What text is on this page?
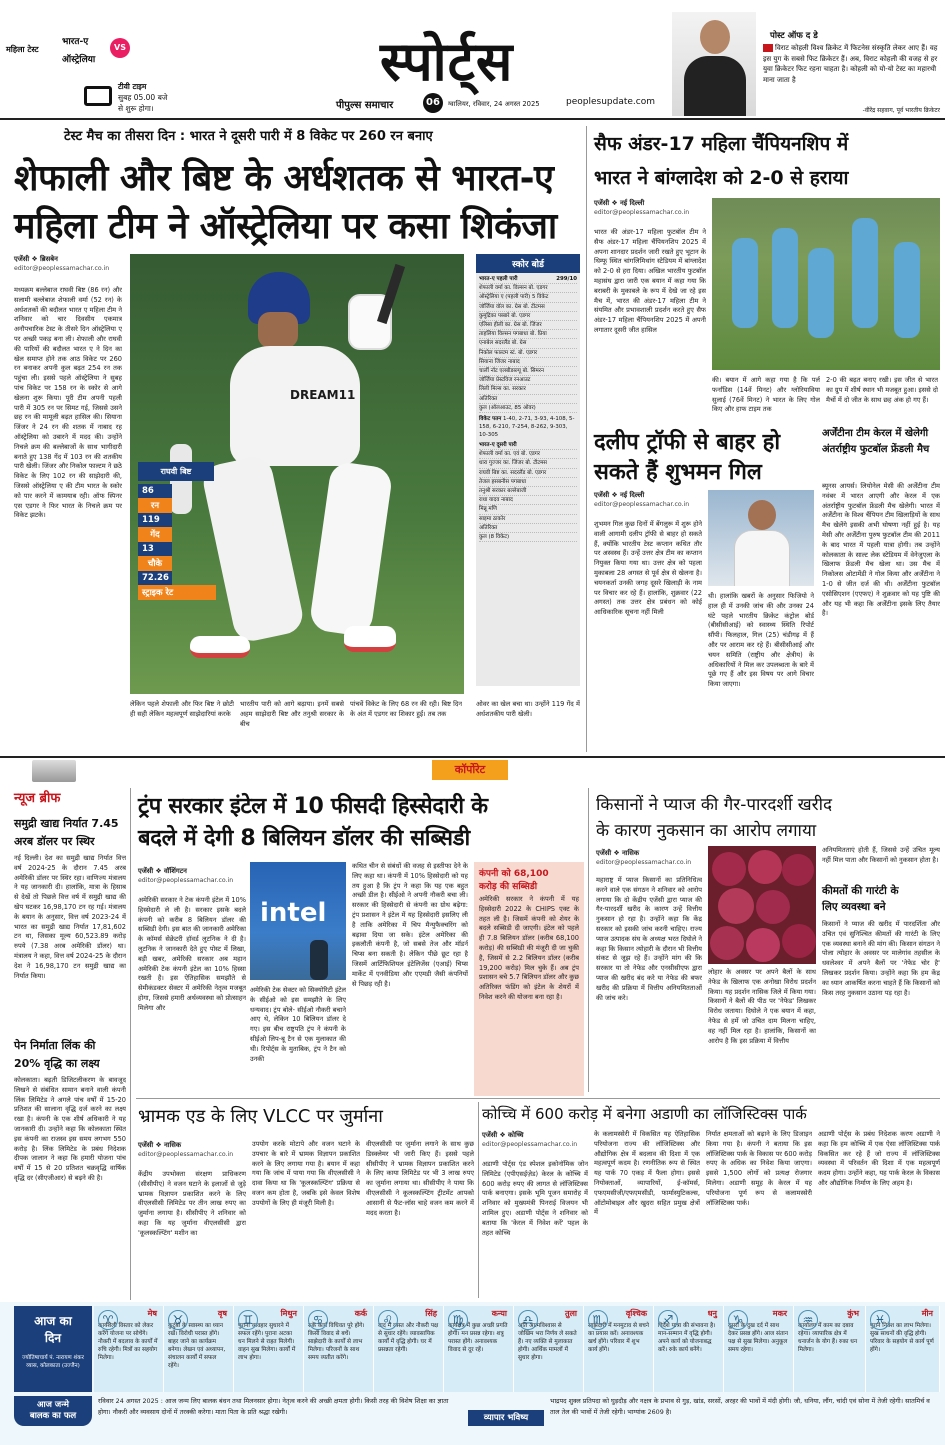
महिला टेस्ट
भारत-ए
VS
ऑस्ट्रेलिया
टीवी टाइम
सुबह 05.00 बजे
से शुरू होगा।
स्पोर्ट्स
पीपुल्स समाचार	06	ग्वालियर, रविवार, 24 अगस्त 2025	peoplesupdate.com
पोस्ट ऑफ द डे
विराट कोहली विश्व क्रिकेट में फिटनेस संस्कृति लेकर आए हैं। वह इस युग के सबसे फिट क्रिकेटर हैं। अब, विराट कोहली की वजह से हर युवा क्रिकेटर फिट रहना चाहता है। कोहली को यो-यो टेस्ट का महारथी माना जाता है
-वीरेंद्र सहवाग, पूर्व भारतीय क्रिकेटर
टेस्ट मैच का तीसरा दिन : भारत ने दूसरी पारी में 8 विकेट पर 260 रन बनाए
शेफाली और बिष्ट के अर्धशतक से भारत-ए
महिला टीम ने ऑस्ट्रेलिया पर कसा शिकंजा
एजेंसी ❖ ब्रिसबेन
editor@peoplessamachar.co.in
मध्यक्रम बल्लेबाज राघवी बिष्ट (86 रन) और सलामी बल्लेबाज शेफाली वर्मा (52 रन) के अर्धशतकों की बदौलत भारत ए महिला टीम ने शनिवार को चार दिवसीय एकमात्र अनौपचारिक टेस्ट के तीसरे दिन ऑस्ट्रेलिया ए पर अच्छी पकड़ बना ली। शेफाली और राघवी की पारियों की बदौलत भारत ए ने दिन का खेल समाप्त होने तक आठ विकेट पर 260 रन बनाकर अपनी कुल बढ़त 254 रन तक पहुंचा ली। इससे पहले ऑस्ट्रेलिया ने सुबह पांच विकेट पर 158 रन के स्कोर से आगे खेलना शुरू किया। पूरी टीम अपनी पहली पारी में 305 रन पर सिमट गई, जिससे उसने छह रन की मामूली बढ़त हासिल की। सियाना जिंजर ने 24 रन की शतक में नाबाद रह ऑस्ट्रेलिया को उबारने में मदद की। उन्होंने निचले क्रम की बल्लेबाजों के साथ भागीदारी बनाते हुए 138 गेंद में 103 रन की शतकीय पारी खेली। जिंजर और निकोल फाल्टम ने छठे विकेट के लिए 102 रन की साझेदारी की, जिससे ऑस्ट्रेलिया ए की टीम भारत के स्कोर को पार करने में कामयाब रही। ऑफ स्पिनर एस एडगर ने फिर भारत के निचले क्रम पर विकेट झटके।
DREAM11
राघवी बिष्ट
86
रन
119
गेंद
13
चौके
72.26
स्ट्राइक रेट
लेकिन पहले शेफाली और फिर बिष्ट ने छोटी ही सही लेकिन महत्वपूर्ण साझेदारियां करके
भारतीय पारी को आगे बढ़ाया। इनमें सबसे अहम साझेदारी बिष्ट और तनुश्री सरकार के बीच
पांचवें विकेट के लिए 68 रन की रही। बिष्ट दिन के अंत में एडगर का शिकार हुईं। तब तक
स्कोर बोर्ड
भारत-ए पहली पारी	299/10
शेफाली वर्मा का. विल्सन बो. एडगर
ऑस्ट्रेलिया ए (पहली पारी) 5 विकेट
जॉर्जिया वॉल का. ग्रेस बो. टीटमस
कुमुद्रिका पब्बारे बो. एडगर
एलिसा हीली का. ग्रेस बो. जिंजर
ताहलिया विल्सन पगबाधा बो. प्रिया
एनाबेल सदरलैंड बो. ग्रेस
निकोल फाल्टम स्टं. बो. एडगर
सियाना जिंजर नाबाद
चार्ली नॉट एलबीडब्ल्यू बो. सिमरन
जॉर्जिया प्रेस्टविज रनआउट
लिली मिल्स का. सरकार
अतिरिक्त
कुल (ऑलआउट, 85 ओवर)
विकेट पतन 1-40, 2-71, 3-93, 4-108, 5-158, 6-210, 7-254, 8-262, 9-303, 10-305
भारत-ए दूसरी पारी
शेफाली वर्मा का. एवं बो. एडगर
धारा गुज्जर का. जिंजर बो. टीटमस
राघवी बिष्ट का. सदरलैंड बो. एडगर
तेजल हसबनीस पगबाधा
तनुश्री सरकार बल्लेबाजी
राधा यादव नाबाद
मिन्नू मणि
साइमा ठाकोर
अतिरिक्त
कुल (8 विकेट)
ओवर का खेल बचा था। उन्होंने 119 गेंद में अर्धशतकीय पारी खेली।
सैफ अंडर-17 महिला चैंपियनशिप में
भारत ने बांग्लादेश को 2-0 से हराया
एजेंसी ❖ नई दिल्ली
editor@peoplessamachar.co.in
भारत की अंडर-17 महिला फुटबॉल टीम ने सैफ अंडर-17 महिला चैंपियनशिप 2025 में अपना शानदार प्रदर्शन जारी रखते हुए भूटान के थिम्फू स्थित चांगलिमिथांग स्टेडियम में बांग्लादेश को 2-0 से हरा दिया। अखिल भारतीय फुटबॉल महासंघ द्वारा जारी एक बयान में कहा गया कि बराबरी के मुकाबले के रूप में देखे जा रहे इस मैच में, भारत की अंडर-17 महिला टीम ने संयमित और प्रभावशाली प्रदर्शन करते हुए सैफ अंडर-17 महिला चैंपियनशिप 2025 में अपनी लगातार दूसरी जीत हासिल
की। बयान में आगे कहा गया है कि पर्ल फर्नांडिस (14वें मिनट) और ग्लोरियाविया सुलाई (76वें मिनट) ने भारत के लिए गोल किए और हाफ टाइम तक
2-0 की बढ़त बनाए रखी। इस जीत से भारत का ग्रुप में शीर्ष स्थान भी मजबूत हुआ। इससे दो मैचों में दो जीत के साथ छह अंक हो गए हैं।
दलीप ट्रॉफी से बाहर हो
सकते हैं शुभमन गिल
एजेंसी ❖ नई दिल्ली
editor@peoplessamachar.co.in
शुभमन गिल कुछ दिनों में बेंगलुरू में शुरू होने वाली आगामी दलीप ट्रॉफी से बाहर हो सकते हैं, क्योंकि भारतीय टेस्ट कप्तान कथित तौर पर अस्वस्थ हैं। उन्हें उत्तर क्षेत्र टीम का कप्तान नियुक्त किया गया था। उत्तर क्षेत्र को पहला मुकाबला 28 अगस्त से पूर्व क्षेत्र से खेलना है। चयनकर्ता उनकी जगह दूसरे खिलाड़ी के नाम पर विचार कर रहे हैं। हालांकि, शुक्रवार (22 अगस्त) तक उत्तर क्षेत्र प्रबंधन को कोई आधिकारिक सूचना नहीं मिली
थी। हालांकि खबरों के अनुसार फिजियो ने हाल ही में उनकी जांच की और उनका 24 घंटे पहले भारतीय क्रिकेट कंट्रोल बोर्ड (बीसीसीआई) को स्वास्थ्य स्थिति रिपोर्ट सौंपी। फिलहाल, गिल (25) चंडीगढ़ में हैं और पर आराम कर रहे हैं। बीसीसीआई और चयन समिति (राष्ट्रीय और क्षेत्रीय) के अधिकारियों ने मिल कर उपलब्धता के बारे में पूछे गए हैं और इस विषय पर आगे विचार किया जाएगा।
अर्जेंटीना टीम केरल में खेलेगी अंतर्राष्ट्रीय फुटबॉल फ्रेंडली मैच
ब्यूनस आयर्स। लियोनेल मेसी की अर्जेंटीना टीम नवंबर में भारत आएगी और केरल में एक अंतर्राष्ट्रीय फुटबॉल फ्रेंडली मैच खेलेगी। भारत में अर्जेंटीना के विश्व चैंपियन टीम खिलाड़ियों के साथ मैच खेलेंगे इसकी अभी घोषणा नहीं हुई है। यह मेसी और अर्जेंटीना पुरुष फुटबॉल टीम की 2011 के बाद भारत में पहली यात्रा होगी। तब उन्होंने कोलकाता के साल्ट लेक स्टेडियम में वेनेजुएला के खिलाफ फ्रेंडली मैच खेला था। उस मैच में निकोलस ओटामेंडी ने गोल किया और अर्जेंटीना ने 1-0 से जीत दर्ज की थी। अर्जेंटीना फुटबॉल एसोसिएशन (एएफए) ने शुक्रवार को यह पुष्टि की और यह भी कहा कि अर्जेंटीना इसके लिए तैयार है।
कॉर्पोरेट
न्यूज ब्रीफ
समुद्री खाद्य निर्यात 7.45
अरब डॉलर पर स्थिर
नई दिल्ली। देश का समुद्री खाद्य निर्यात वित्त वर्ष 2024-25 के दौरान 7.45 अरब अमेरिकी डॉलर पर स्थिर रहा। वाणिज्य मंत्रालय ने यह जानकारी दी। हालांकि, मात्रा के हिसाब से देखें तो पिछले वित्त वर्ष में समुद्री खाद्य की खेप घटकर 16,98,170 टन रह गई। मंत्रालय के बयान के अनुसार, वित्त वर्ष 2023-24 में भारत का समुद्री खाद्य निर्यात 17,81,602 टन था, जिसका मूल्य 60,523.89 करोड़ रुपये (7.38 अरब अमेरिकी डॉलर) था। मंत्रालय ने कहा, वित्त वर्ष 2024-25 के दौरान देश ने 16,98,170 टन समुद्री खाद्य का निर्यात किया।
पेन निर्माता लिंक की
20% वृद्धि का लक्ष्य
कोलकाता। बढ़ती डिजिटलीकरण के बावजूद लिखने से संबंधित सामान बनाने वाली कंपनी लिंक लिमिटेड ने अगले पांच वर्षों में 15-20 प्रतिशत की सालाना वृद्धि दर्ज करने का लक्ष्य रखा है। कंपनी के एक शीर्ष अधिकारी ने यह जानकारी दी। उन्होंने कहा कि कोलकाता स्थित इस कंपनी का राजस्व इस समय लगभग 550 करोड़ है। लिंक लिमिटेड के प्रबंध निदेशक दीपक जालान ने कहा कि हमारी योजना पांच वर्षों में 15 से 20 प्रतिशत चक्रवृद्धि वार्षिक वृद्धि दर (सीएजीआर) से बढ़ने की है।
ट्रंप सरकार इंटेल में 10 फीसदी हिस्सेदारी के
बदले में देगी 8 बिलियन डॉलर की सब्सिडी
एजेंसी ❖ वॉशिंगटन
editor@peoplessamachar.co.in
अमेरिकी सरकार ने टेक कंपनी इंटेल में 10% हिस्सेदारी ले ली है। सरकार इसके बदले कंपनी को करीब 8 बिलियन डॉलर की सब्सिडी देगी। इस बात की जानकारी अमेरिका के कॉमर्स सेक्रेटरी हॉवर्ड लुटनिक ने दी है। लुटनिक ने जानकारी देते हुए पोस्ट में लिखा, बड़ी खबर, अमेरिकी सरकार अब महान अमेरिकी टेक कंपनी इंटेल का 10% हिस्सा रखती है। इस ऐतिहासिक समझौते से सेमीकंडक्टर सेक्टर में अमेरिकी नेतृत्व मजबूत होगा, जिससे हमारी अर्थव्यवस्था को प्रोत्साहन मिलेगा और
intel
अमेरिकी टेक सेक्टर को सिक्योरिटी इंटेल के सीईओ को इस समझौते के लिए धन्यवाद। ट्रंप बोले- सीईओ नौकरी बचाने आए थे, लेकिन 10 बिलियन डॉलर दे गए। इस बीच राष्ट्रपति ट्रंप ने कंपनी के सीईओ लिप-बू टैन से एक मुलाकात की थी। रिपोर्ट्स के मुताबिक, ट्रंप ने टैन को उनकी
कथित चीन से संबंधों की वजह से इस्तीफा देने के लिए कहा था। कंपनी में 10% हिस्सेदारी को यह तय हुआ है कि ट्रंप ने कहा कि यह एक बहुत अच्छी डील है। सीईओ ने अपनी नौकरी बचा ली। सरकार की हिस्सेदारी से कंपनी का ग्रोथ बढ़ेगा: ट्रंप प्रशासन ने इंटेल में यह हिस्सेदारी इसलिए ली है ताकि अमेरिका में चिप मैन्युफैक्चरिंग को बढ़ावा दिया जा सके। इंटेल अमेरिका की इकलौती कंपनी है, जो सबसे तेज और मॉडर्न चिप्स बना सकती है। लेकिन पीछे छूट रहा है जिसमें आर्टिफिशियल इंटेलिजेंस (एआई) चिप्स मार्केट में एनवीडिया और एएमडी जैसी कंपनियों से पिछड़ रही है।
कंपनी को 68,100
करोड़ की सब्सिडी
अमेरिकी सरकार ने कंपनी में यह हिस्सेदारी 2022 के CHIPS एक्ट के तहत ली है। जिसमें कंपनी को शेयर के बदले सब्सिडी दी जाएगी। इंटेल को पहले ही 7.8 बिलियन डॉलर (करीब 68,100 करोड़) की सब्सिडी की मंजूरी दी जा चुकी है, जिसमें से 2.2 बिलियन डॉलर (करीब 19,200 करोड़) मिल चुके हैं। अब ट्रंप प्रशासन बचे 5.7 बिलियन डॉलर और कुछ अतिरिक्त फंडिंग को इंटेल के शेयरों में निवेश करने की योजना बना रहा है।
किसानों ने प्याज की गैर-पारदर्शी खरीद
के कारण नुकसान का आरोप लगाया
एजेंसी ❖ नासिक
editor@peoplessamachar.co.in
महाराष्ट्र में प्याज किसानों का प्रतिनिधित्व करने वाले एक संगठन ने शनिवार को आरोप लगाया कि दो केंद्रीय एजेंसी द्वारा प्याज की गैर-पारदर्शी खरीद के कारण उन्हें वित्तीय नुकसान हो रहा है। उन्होंने कहा कि केंद्र सरकार को इसकी जांच करनी चाहिए। राज्य प्याज उत्पादक संघ के अध्यक्ष भरत दिघोले ने कहा कि किसान त्योहारी के दौरान भी वित्तीय संकट से जूझ रहे हैं। उन्होंने मांग की कि सरकार या तो नेफेड और एनसीसीएफ द्वारा प्याज की खरीद बंद करे या नेफेड की बफर खरीद की प्रक्रिया में वित्तीय अनियमितताओं की जांच करे।
लोहार के अवसर पर अपने बैलों के साथ नेफेड के खिलाफ एक अनोखा विरोध प्रदर्शन किया। यह प्रदर्शन नासिक जिले में किया गया। किसानों ने बैलों की पीठ पर 'नेफेड' लिखकर विरोध जताया। दिघोले ने एक बयान में कहा, नेफेड से हमें जो उचित दाम मिलना चाहिए, वह नहीं मिल रहा है। हालांकि, किसानों का आरोप है कि इस प्रक्रिया में वित्तीय
अनियमितताएं होती हैं, जिससे उन्हें उचित मूल्य नहीं मिल पाता और किसानों को नुकसान होता है।
कीमतों की गारंटी के
लिए व्यवस्था बने
किसानों ने प्याज की खरीद में पारदर्शिता और उचित एवं सुनिश्चित कीमतों की गारंटी के लिए एक व्यवस्था बनाने की मांग की। किसान संगठन ने पोला त्योहार के अवसर पर मालेगांव तहसील के धवलेश्वर में अपने बैलों पर 'नेफेड चोर है' लिखकर प्रदर्शन किया। उन्होंने कहा कि हम केंद्र का ध्यान आकर्षित करना चाहते हैं कि किसानों को किस तरह नुकसान उठाना पड़ रहा है।
भ्रामक एड के लिए VLCC पर जुर्माना
एजेंसी ❖ नासिक
editor@peoplessamachar.co.in
केंद्रीय उपभोक्ता संरक्षण प्राधिकरण (सीसीपीए) ने वजन घटाने के इलाजों से जुड़े भ्रामक विज्ञापन प्रकाशित करने के लिए वीएलसीसी लिमिटेड पर तीन लाख रुपए का जुर्माना लगाया है। सीसीपीए ने शनिवार को कहा कि यह जुर्माना वीएलसीसी द्वारा 'कूलस्कल्प्टिंग' मशीन का
उपयोग करके मोटापे और वजन घटाने के उपचार के बारे में भ्रामक विज्ञापन प्रकाशित करने के लिए लगाया गया है। बयान में कहा गया कि जांच में पाया गया कि वीएलसीसी ने दावा किया था कि 'कूलस्कल्प्टिंग' प्रक्रिया से वजन कम होता है, जबकि इसे केवल विशेष उपयोगों के लिए ही मंजूरी मिली है।
वीएलसीसी पर जुर्माना लगाने के साथ कुछ डिस्क्लेमर भी जारी किए हैं। इससे पहले सीसीपीए ने भ्रामक विज्ञापन प्रकाशित करने के लिए काया लिमिटेड पर भी 3 लाख रुपए का जुर्माना लगाया था। सीसीपीए ने पाया कि वीएलसीसी ने कूलस्कल्प्टिंग ट्रीटमेंट आपको आसानी से फैट-लॉस चाहे वजन कम करने में मदद करता है।
कोच्चि में 600 करोड़ में बनेगा अडाणी का लॉजिस्टिक्स पार्क
एजेंसी ❖ कोच्चि
editor@peoplessamachar.co.in
अडाणी पोर्ट्स एंड स्पेशल इकोनॉमिक जोन लिमिटेड (एपीएसईज़ेड) केरल के कोच्चि में 600 करोड़ रुपए की लागत से लॉजिस्टिक्स पार्क बनाएगा। इसके भूमि पूजन समारोह में शनिवार को मुख्यमंत्री पिनराई विजयन भी शामिल हुए। अडाणी पोर्ट्स ने शनिवार को बताया कि 'केरल में निवेश करें' पहल के तहत कोच्चि
के कलामस्सेरी में विकसित यह ऐतिहासिक परियोजना राज्य की लॉजिस्टिक्स और औद्योगिक क्षेत्र में बदलाव की दिशा में एक महत्वपूर्ण कदम है। रणनीतिक रूप से स्थित यह पार्क 70 एकड़ में फैला होगा। इससे नियोक्ताओं, व्यापारियों, ई-कॉमर्स, एफएमसीजी/एफएमसीडी, फार्मास्युटिकल्स, ऑटोमोबाइल और खुदरा सहित प्रमुख क्षेत्रों में
निर्यात क्षमताओं को बढ़ाने के लिए डिजाइन किया गया है। कंपनी ने बताया कि इस लॉजिस्टिक्स पार्क के विकास पर 600 करोड़ रुपए के अधिक का निवेश किया जाएगा। इससे 1,500 लोगों को प्रत्यक्ष रोजगार मिलेगा। अडाणी समूह के केरल में यह परियोजना पूर्ण रूप से कलामस्सेरी लॉजिस्टिक्स पार्क।
अडाणी पोर्ट्स के प्रबंध निदेशक करण अडाणी ने कहा कि हम कोच्चि में एक ऐसा लॉजिस्टिक्स पार्क विकसित कर रहे हैं जो राज्य में लॉजिस्टिक्स व्यवस्था में परिवर्तन की दिशा में एक महत्वपूर्ण कदम होगा। उन्होंने कहा, यह पार्क केरल के विकास और औद्योगिक निर्माण के लिए अहम है।
आज का
दिन
ज्योतिषाचार्य पं. नारायण शंकर व्यास, कोलकाता (उज्जैन)
♈	मेष
कार्यशैली विस्तार को लेकर करेंगे योजना पर सोचेंगे। नौकरी में बदलाव के कार्यों में रुचि रहेगी। मित्रों का सहयोग मिलेगा।
♉	वृष
कुटुंबों के स्वास्थ्य का ध्यान रखें। विरोधी परास्त होंगे। बाहर जाने का कार्यक्रम बनेगा। लेखन एवं अध्यापन, संचालन कार्यों में सफल रहेंगे।
♊	मिथुन
पुराना व्यवहार सुधारने में सफल रहेंगे। पुराना अटका धन मिलने से राहत मिलेगी। वाहन सुख मिलेगा। कार्यों में लाभ होगा।
♋	कर्क
रुके कार्य विधिवत पूरे होंगे। किसी विवाद से बचें। साझेदारी के कार्यों से लाभ मिलेगा। परिजनों के साथ समय व्यतीत करेंगे।
♌	सिंह
वाद में व्यस्त और नौकरी पक्ष से सुधार रहेंगे। व्यावसायिक कार्यों में वृद्धि होगी। घर में प्रसन्नता रहेगी।
♍	कन्या
कार्यक्षेत्र में कुछ अच्छी प्रगति होगी। मन प्रसन्न रहेगा। शत्रु परास्त होंगे। अनावश्यक विवाद से दूर रहें।
♎	तुला
अति आत्मविश्वास से जोखिम भरा निर्णय ले सकते हैं। नए व्यक्ति से मुलाकात होगी। आर्थिक मामलों में सुधार होगा।
♏	वृश्चिक
साझेदारी में मनमुटाव से बचने का प्रयास करें। अनावश्यक खर्च होंगे। परिवार में शुभ कार्य होंगे।
♐	धनु
विदेश यात्रा की संभावना है। मान-सम्मान में वृद्धि होगी। अपने कार्य को योजनाबद्ध करें। रुके कार्य बनेंगे।
♑	मकर
दूसरों के दुख दर्द में साथ देकर प्रसन्न होंगे। आज संतान पक्ष से सुख मिलेगा। अनुकूल समय रहेगा।
♒	कुंभ
कार्यालय में काम का दबाव रहेगा। व्यापारिक क्षेत्र में धनार्जन के योग हैं। रुका धन मिलेगा।
♓	मीन
पुराने निवेश का लाभ मिलेगा। सुख साधनों की वृद्धि होगी। परिवार के सहयोग से कार्य पूर्ण होंगे।
आज जन्मे
बालक का फल
रविवार 24 अगस्त 2025 : आज जन्म लिए बालक बंधन तथा मिलनसार होगा। नेतृत्व करने की अच्छी क्षमता होगी। किसी तरह की विशेष शिक्षा का ज्ञाता होगा। नौकरी और व्यवसाय दोनों में तरक्की करेगा। माता पिता के प्रति श्रद्धा रखेगी।
व्यापार भविष्य
भाद्रपद शुक्ल प्रतिपदा को घुड़दौड़ और नक्षत्र के प्रभाव से गुड़, खांड, सरसों, अरहर की भावों में मंदी होगी। जौ, धनिया, लौंग, चांदी एवं सोना में तेजी रहेगी। सातमिर्च व ताल तेल की भावों में तेजी रहेगी। भाग्यांक 2609 है।
